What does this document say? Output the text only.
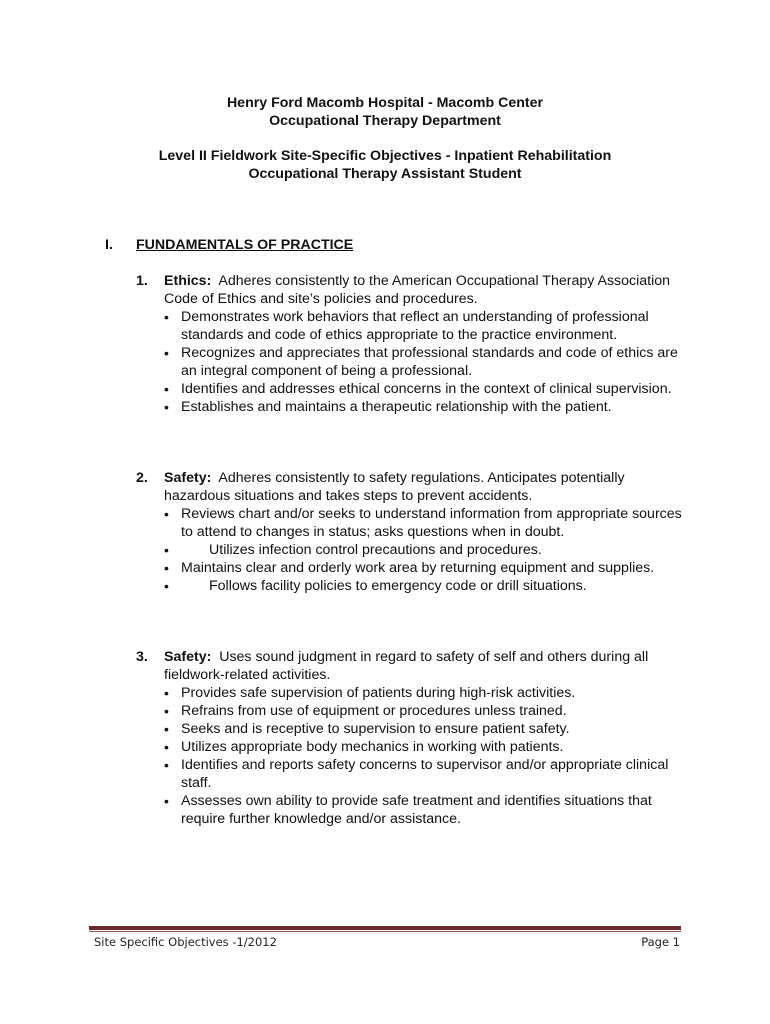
Henry Ford Macomb Hospital - Macomb Center
Occupational Therapy Department
Level II Fieldwork Site-Specific Objectives - Inpatient Rehabilitation
Occupational Therapy Assistant Student
I. FUNDAMENTALS OF PRACTICE
1. Ethics: Adheres consistently to the American Occupational Therapy Association Code of Ethics and site’s policies and procedures.
• Demonstrates work behaviors that reflect an understanding of professional standards and code of ethics appropriate to the practice environment.
• Recognizes and appreciates that professional standards and code of ethics are an integral component of being a professional.
• Identifies and addresses ethical concerns in the context of clinical supervision.
• Establishes and maintains a therapeutic relationship with the patient.
2. Safety: Adheres consistently to safety regulations. Anticipates potentially hazardous situations and takes steps to prevent accidents.
• Reviews chart and/or seeks to understand information from appropriate sources to attend to changes in status; asks questions when in doubt.
• Utilizes infection control precautions and procedures.
• Maintains clear and orderly work area by returning equipment and supplies.
• Follows facility policies to emergency code or drill situations.
3. Safety: Uses sound judgment in regard to safety of self and others during all fieldwork-related activities.
• Provides safe supervision of patients during high-risk activities.
• Refrains from use of equipment or procedures unless trained.
• Seeks and is receptive to supervision to ensure patient safety.
• Utilizes appropriate body mechanics in working with patients.
• Identifies and reports safety concerns to supervisor and/or appropriate clinical staff.
• Assesses own ability to provide safe treatment and identifies situations that require further knowledge and/or assistance.
Site Specific Objectives -1/2012	Page 1
